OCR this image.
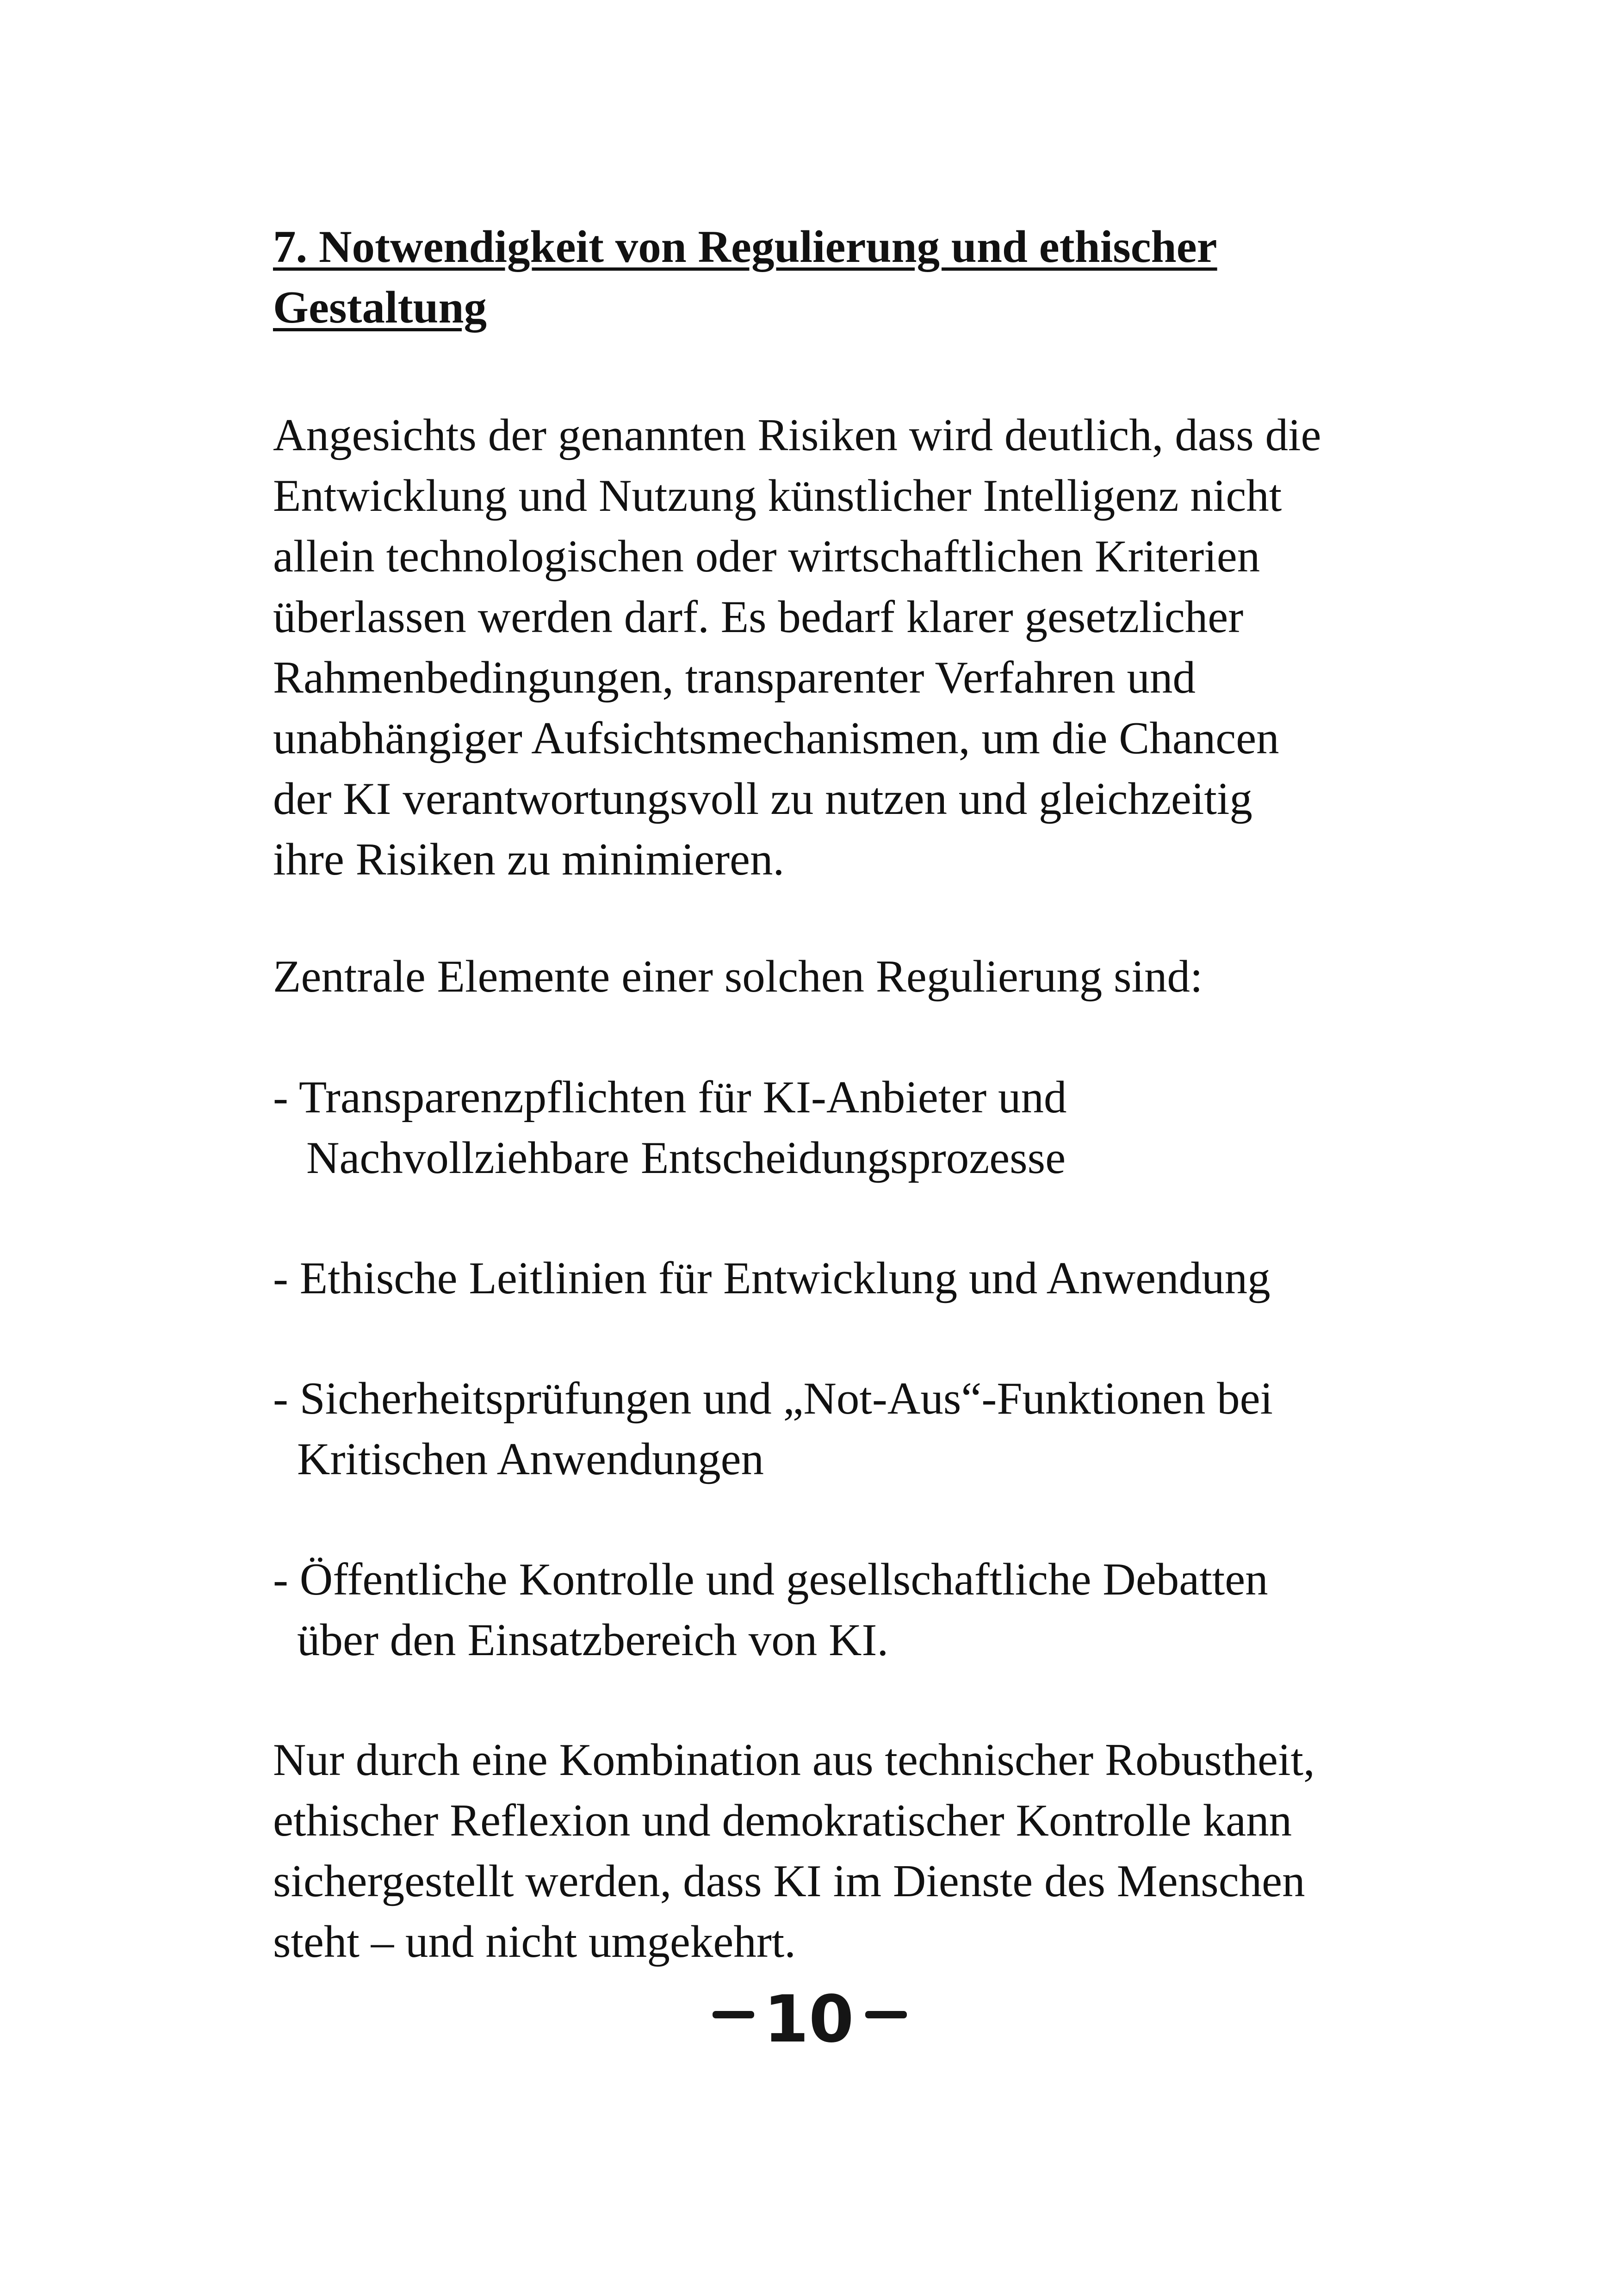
7. Notwendigkeit von Regulierung und ethischer
Gestaltung

Angesichts der genannten Risiken wird deutlich, dass die
Entwicklung und Nutzung künstlicher Intelligenz nicht
allein technologischen oder wirtschaftlichen Kriterien
überlassen werden darf. Es bedarf klarer gesetzlicher
Rahmenbedingungen, transparenter Verfahren und
unabhängiger Aufsichtsmechanismen, um die Chancen
der KI verantwortungsvoll zu nutzen und gleichzeitig
ihre Risiken zu minimieren.

Zentrale Elemente einer solchen Regulierung sind:

- Transparenzpflichten für KI-Anbieter und
Nachvollziehbare Entscheidungsprozesse
- Ethische Leitlinien für Entwicklung und Anwendung
- Sicherheitsprüfungen und „Not-Aus“-Funktionen bei
Kritischen Anwendungen
- Öffentliche Kontrolle und gesellschaftliche Debatten
über den Einsatzbereich von KI.

Nur durch eine Kombination aus technischer Robustheit,
ethischer Reflexion und demokratischer Kontrolle kann
sichergestellt werden, dass KI im Dienste des Menschen
steht – und nicht umgekehrt.

10
